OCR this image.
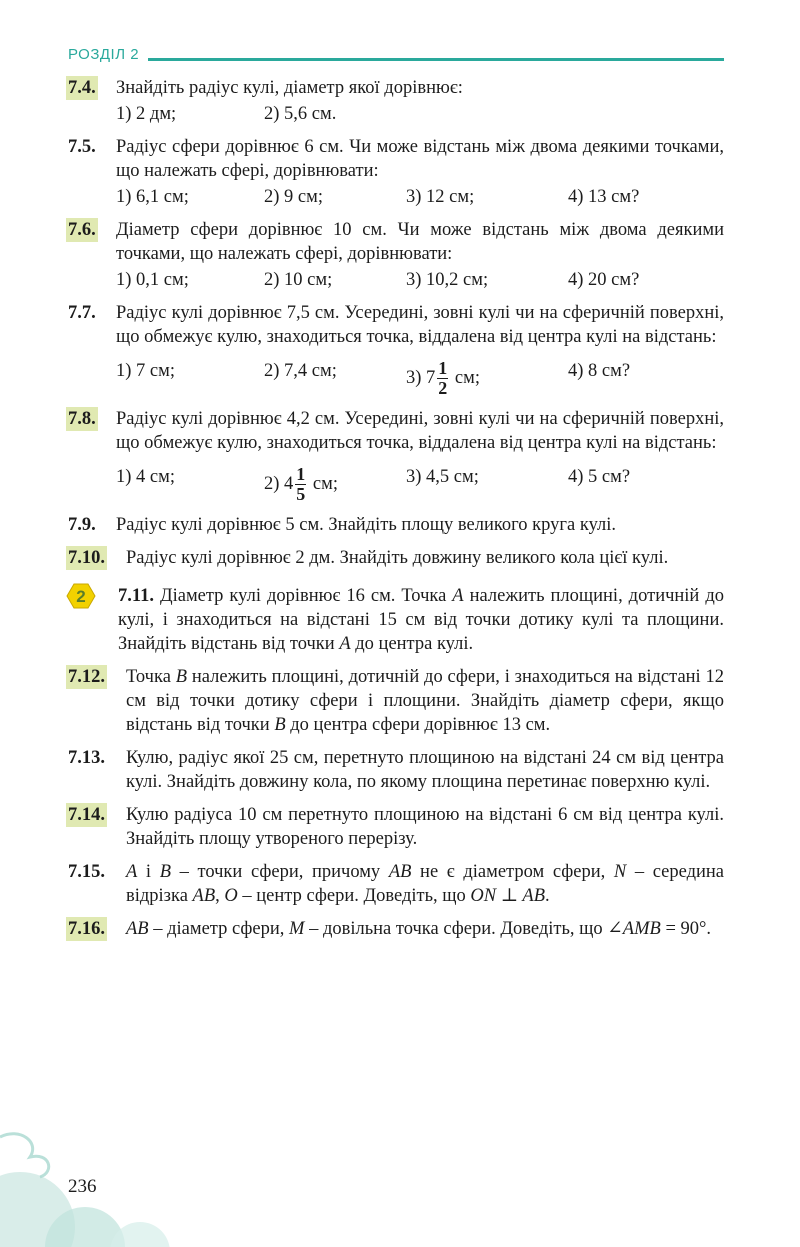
РОЗДІЛ 2
7.4. Знайдіть радіус кулі, діаметр якої дорівнює:
1) 2 дм;	2) 5,6 см.
7.5. Радіус сфери дорівнює 6 см. Чи може відстань між двома деякими точками, що належать сфері, дорівнювати:
1) 6,1 см;	2) 9 см;	3) 12 см;	4) 13 см?
7.6. Діаметр сфери дорівнює 10 см. Чи може відстань між двома деякими точками, що належать сфері, дорівнювати:
1) 0,1 см;	2) 10 см;	3) 10,2 см;	4) 20 см?
7.7. Радіус кулі дорівнює 7,5 см. Усередині, зовні кулі чи на сферичній поверхні, що обмежує кулю, знаходиться точка, віддалена від центра кулі на відстань:
1) 7 см;	2) 7,4 см;	3) $7 \frac{1}{2}$ см;	4) 8 см?
7.8. Радіус кулі дорівнює 4,2 см. Усередині, зовні кулі чи на сферичній поверхні, що обмежує кулю, знаходиться точка, віддалена від центра кулі на відстань:
1) 4 см;	2) $4 \frac{1}{5}$ см;	3) 4,5 см;	4) 5 см?
7.9. Радіус кулі дорівнює 5 см. Знайдіть площу великого круга кулі.
7.10. Радіус кулі дорівнює 2 дм. Знайдіть довжину великого кола цієї кулі.
2 7.11. Діаметр кулі дорівнює 16 см. Точка A належить площині, дотичній до кулі, і знаходиться на відстані 15 см від точки дотику кулі та площини. Знайдіть відстань від точки A до центра кулі.
7.12. Точка B належить площині, дотичній до сфери, і знаходиться на відстані 12 см від точки дотику сфери і площини. Знайдіть діаметр сфери, якщо відстань від точки B до центра сфери дорівнює 13 см.
7.13. Кулю, радіус якої 25 см, перетнуто площиною на відстані 24 см від центра кулі. Знайдіть довжину кола, по якому площина перетинає поверхню кулі.
7.14. Кулю радіуса 10 см перетнуто площиною на відстані 6 см від центра кулі. Знайдіть площу утвореного перерізу.
7.15. A і B – точки сфери, причому AB не є діаметром сфери, N – середина відрізка AB, O – центр сфери. Доведіть, що ON ⊥ AB.
7.16. AB – діаметр сфери, M – довільна точка сфери. Доведіть, що ∠AMB = 90°.
236
